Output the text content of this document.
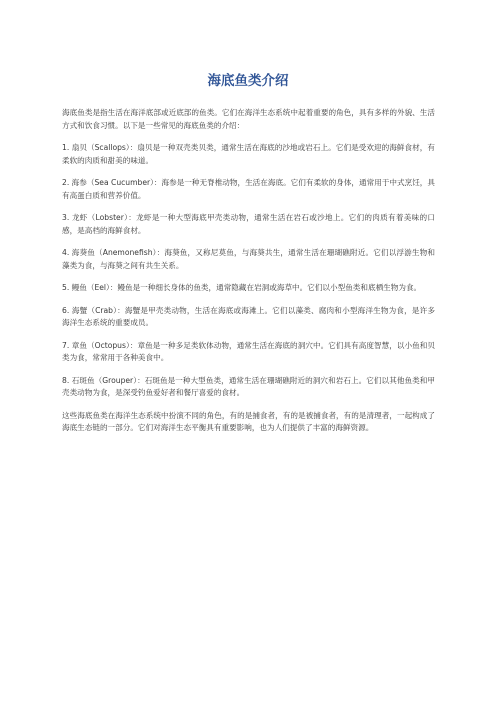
海底鱼类介绍

海底鱼类是指生活在海洋底部或近底部的鱼类。它们在海洋生态系统中起着重要的角色，具有多样的外貌、生活方式和饮食习惯。以下是一些常见的海底鱼类的介绍：

1. 扇贝（Scallops）：扇贝是一种双壳类贝类，通常生活在海底的沙地或岩石上。它们是受欢迎的海鲜食材，有柔软的肉质和甜美的味道。

2. 海参（Sea Cucumber）：海参是一种无脊椎动物，生活在海底。它们有柔软的身体，通常用于中式烹饪，具有高蛋白质和营养价值。

3. 龙虾（Lobster）：龙虾是一种大型海底甲壳类动物，通常生活在岩石或沙地上。它们的肉质有着美味的口感，是高档的海鲜食材。

4. 海葵鱼（Anemonefish）：海葵鱼，又称尼莫鱼，与海葵共生，通常生活在珊瑚礁附近。它们以浮游生物和藻类为食，与海葵之间有共生关系。

5. 鳗鱼（Eel）：鳗鱼是一种细长身体的鱼类，通常隐藏在岩洞或海草中。它们以小型鱼类和底栖生物为食。

6. 海蟹（Crab）：海蟹是甲壳类动物，生活在海底或海滩上。它们以藻类、腐肉和小型海洋生物为食，是许多海洋生态系统的重要成员。

7. 章鱼（Octopus）：章鱼是一种多足类软体动物，通常生活在海底的洞穴中。它们具有高度智慧，以小鱼和贝类为食，常常用于各种美食中。

8. 石斑鱼（Grouper）：石斑鱼是一种大型鱼类，通常生活在珊瑚礁附近的洞穴和岩石上。它们以其他鱼类和甲壳类动物为食，是深受钓鱼爱好者和餐厅喜爱的食材。

这些海底鱼类在海洋生态系统中扮演不同的角色，有的是捕食者，有的是被捕食者，有的是清理者，一起构成了海底生态链的一部分。它们对海洋生态平衡具有重要影响，也为人们提供了丰富的海鲜资源。
